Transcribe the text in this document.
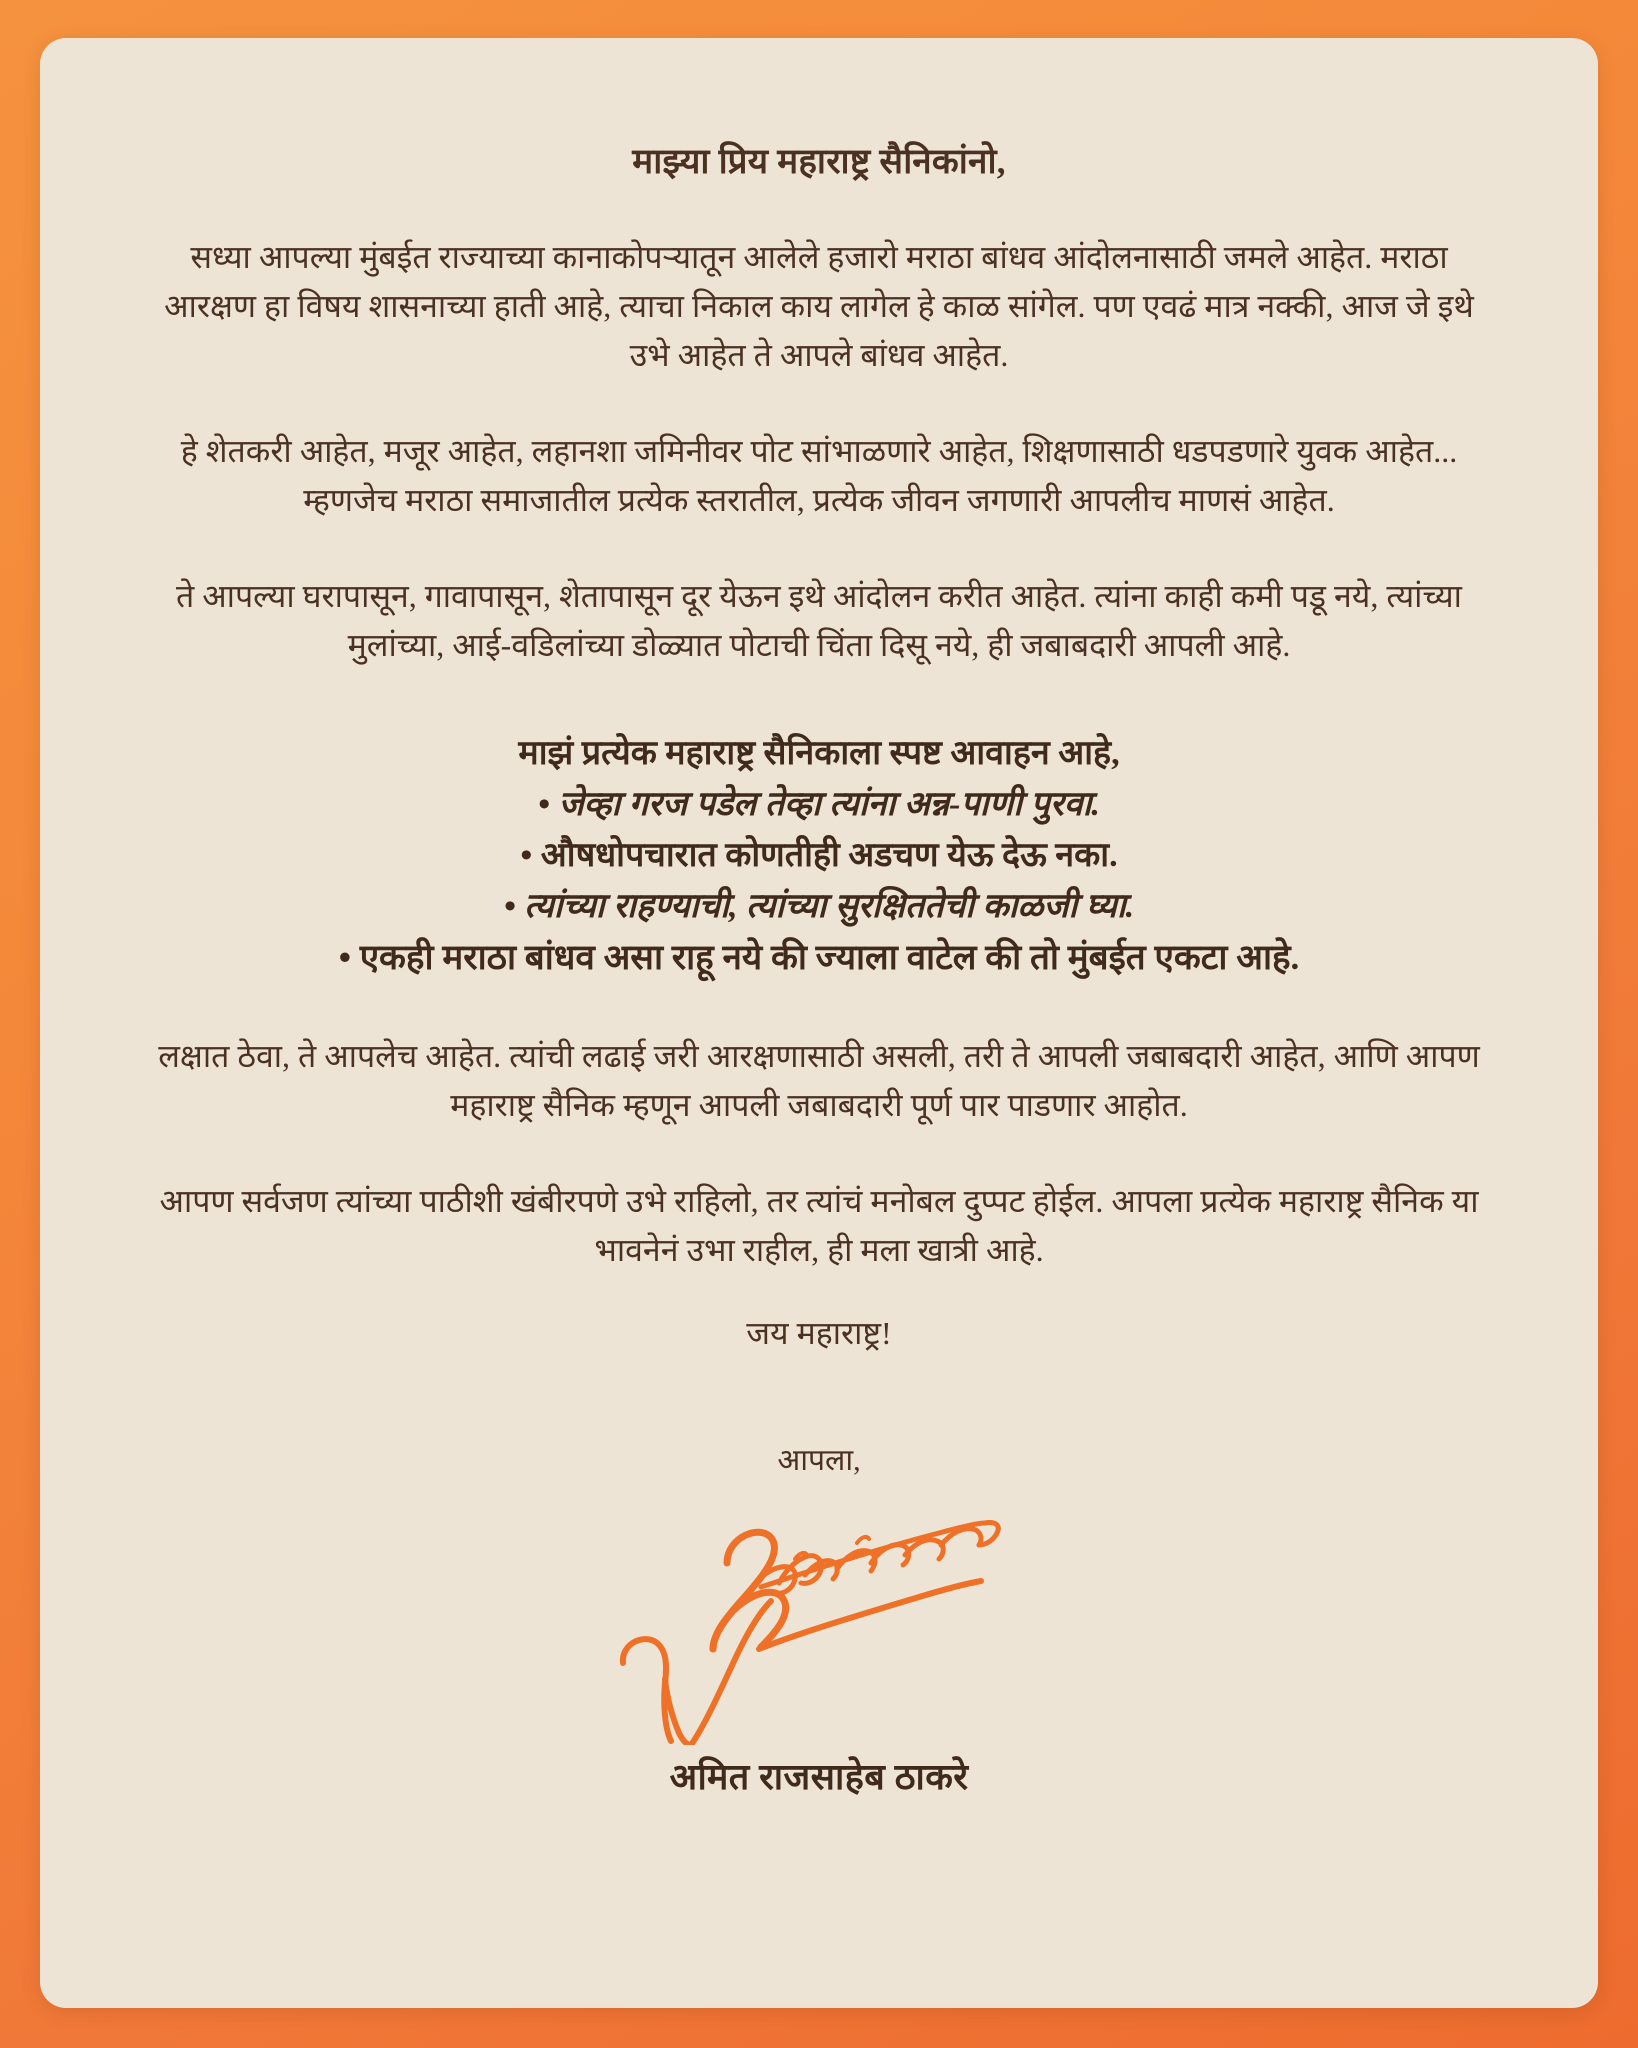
माझ्या प्रिय महाराष्ट्र सैनिकांनो,

सध्या आपल्या मुंबईत राज्याच्या कानाकोपऱ्यातून आलेले हजारो मराठा बांधव आंदोलनासाठी जमले आहेत. मराठा आरक्षण हा विषय शासनाच्या हाती आहे, त्याचा निकाल काय लागेल हे काळ सांगेल. पण एवढं मात्र नक्की, आज जे इथे उभे आहेत ते आपले बांधव आहेत.

हे शेतकरी आहेत, मजूर आहेत, लहानशा जमिनीवर पोट सांभाळणारे आहेत, शिक्षणासाठी धडपडणारे युवक आहेत... म्हणजेच मराठा समाजातील प्रत्येक स्तरातील, प्रत्येक जीवन जगणारी आपलीच माणसं आहेत.

ते आपल्या घरापासून, गावापासून, शेतापासून दूर येऊन इथे आंदोलन करीत आहेत. त्यांना काही कमी पडू नये, त्यांच्या मुलांच्या, आई-वडिलांच्या डोळ्यात पोटाची चिंता दिसू नये, ही जबाबदारी आपली आहे.

माझं प्रत्येक महाराष्ट्र सैनिकाला स्पष्ट आवाहन आहे,
• जेव्हा गरज पडेल तेव्हा त्यांना अन्न-पाणी पुरवा.
• औषधोपचारात कोणतीही अडचण येऊ देऊ नका.
• त्यांच्या राहण्याची, त्यांच्या सुरक्षिततेची काळजी घ्या.
• एकही मराठा बांधव असा राहू नये की ज्याला वाटेल की तो मुंबईत एकटा आहे.

लक्षात ठेवा, ते आपलेच आहेत. त्यांची लढाई जरी आरक्षणासाठी असली, तरी ते आपली जबाबदारी आहेत, आणि आपण महाराष्ट्र सैनिक म्हणून आपली जबाबदारी पूर्ण पार पाडणार आहोत.

आपण सर्वजण त्यांच्या पाठीशी खंबीरपणे उभे राहिलो, तर त्यांचं मनोबल दुप्पट होईल. आपला प्रत्येक महाराष्ट्र सैनिक या भावनेनं उभा राहील, ही मला खात्री आहे.

जय महाराष्ट्र!
आपला,
अमित राजसाहेब ठाकरे
